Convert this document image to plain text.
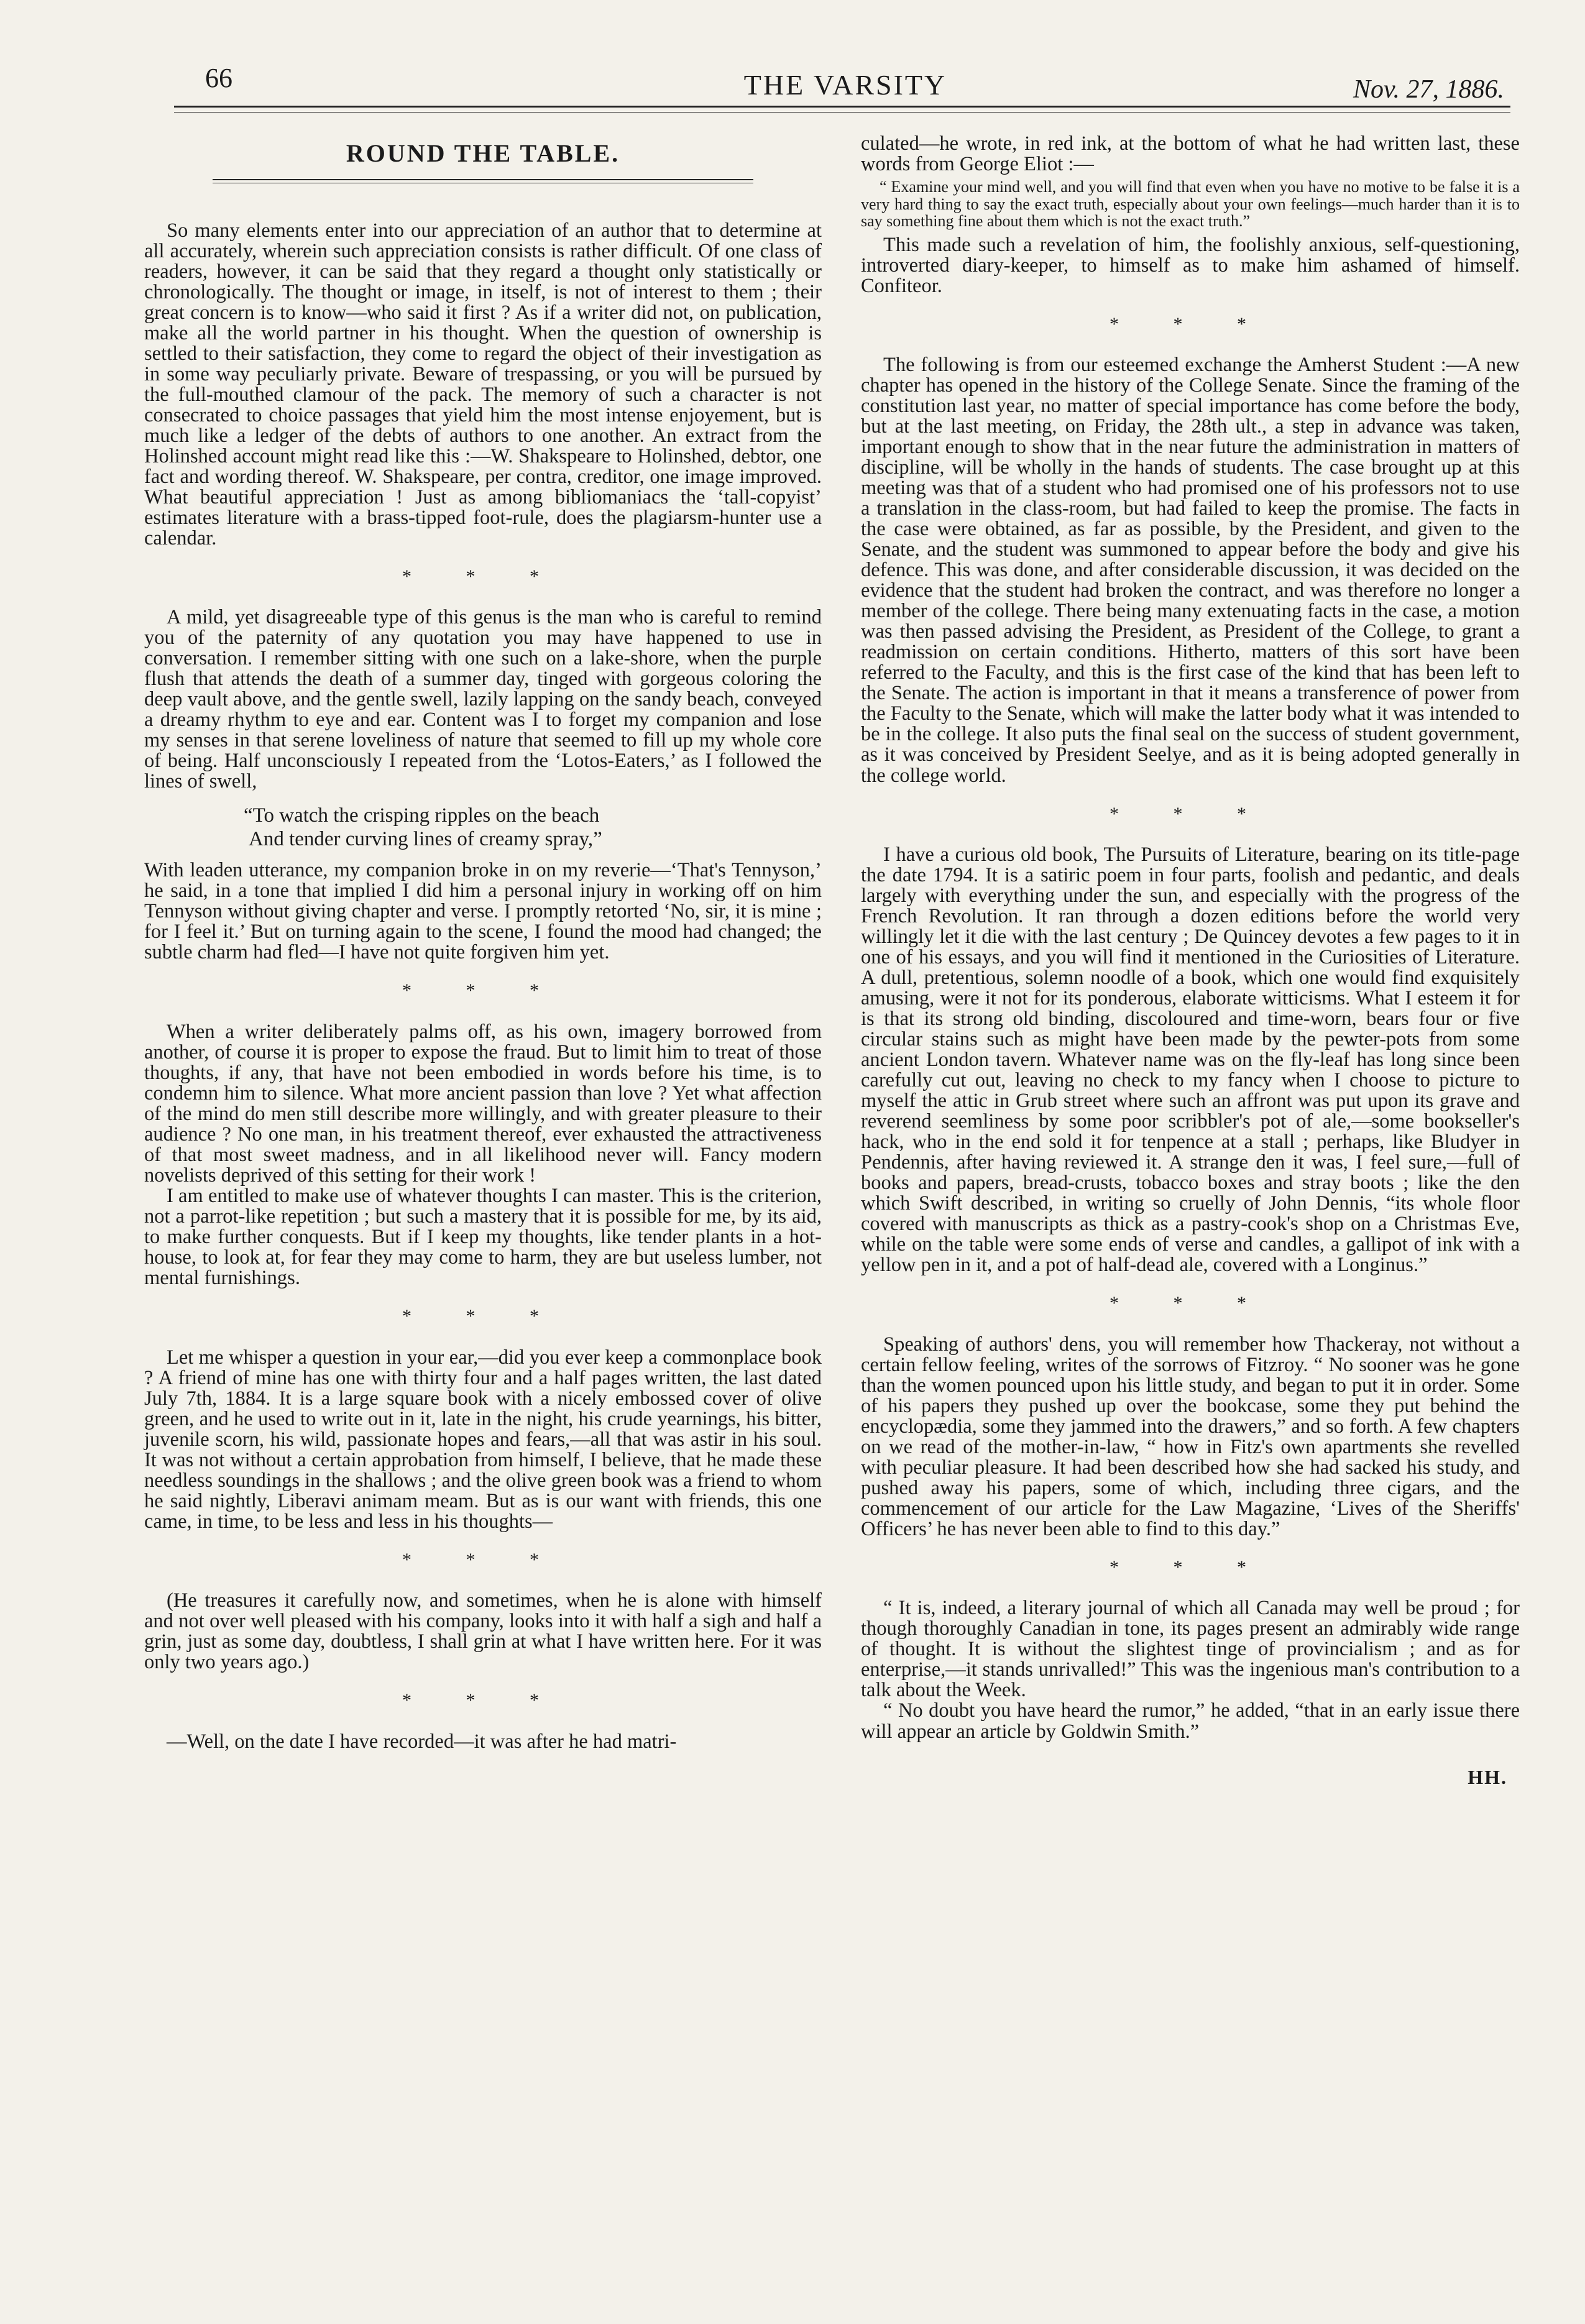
66	THE VARSITY	Nov. 27, 1886.
ROUND THE TABLE.

So many elements enter into our appreciation of an author that to determine at all accurately, wherein such appreciation consists is rather difficult. Of one class of readers, however, it can be said that they regard a thought only statistically or chronologically. The thought or image, in itself, is not of interest to them ; their great concern is to know—who said it first ? As if a writer did not, on publication, make all the world partner in his thought. When the question of ownership is settled to their satisfaction, they come to regard the object of their investigation as in some way peculiarly private. Beware of trespassing, or you will be pursued by the full-mouthed clamour of the pack. The memory of such a character is not consecrated to choice passages that yield him the most intense enjoyement, but is much like a ledger of the debts of authors to one another. An extract from the Holinshed account might read like this :—W. Shakspeare to Holinshed, debtor, one fact and wording thereof. W. Shakspeare, per contra, creditor, one image improved. What beautiful appreciation ! Just as among bibliomaniacs the ‘tall-copyist’ estimates literature with a brass-tipped foot-rule, does the plagiarsm-hunter use a calendar.

* * *

A mild, yet disagreeable type of this genus is the man who is careful to remind you of the paternity of any quotation you may have happened to use in conversation. I remember sitting with one such on a lake-shore, when the purple flush that attends the death of a summer day, tinged with gorgeous coloring the deep vault above, and the gentle swell, lazily lapping on the sandy beach, conveyed a dreamy rhythm to eye and ear. Content was I to forget my companion and lose my senses in that serene loveliness of nature that seemed to fill up my whole core of being. Half unconsciously I repeated from the ‘Lotos-Eaters,’ as I followed the lines of swell,

“To watch the crisping ripples on the beach
And tender curving lines of creamy spray,”

With leaden utterance, my companion broke in on my reverie—‘That's Tennyson,’ he said, in a tone that implied I did him a personal injury in working off on him Tennyson without giving chapter and verse. I promptly retorted ‘No, sir, it is mine ; for I feel it.’ But on turning again to the scene, I found the mood had changed; the subtle charm had fled—I have not quite forgiven him yet.

* * *

When a writer deliberately palms off, as his own, imagery borrowed from another, of course it is proper to expose the fraud. But to limit him to treat of those thoughts, if any, that have not been embodied in words before his time, is to condemn him to silence. What more ancient passion than love ? Yet what affection of the mind do men still describe more willingly, and with greater pleasure to their audience ? No one man, in his treatment thereof, ever exhausted the attractiveness of that most sweet madness, and in all likelihood never will. Fancy modern novelists deprived of this setting for their work !

I am entitled to make use of whatever thoughts I can master. This is the criterion, not a parrot-like repetition ; but such a mastery that it is possible for me, by its aid, to make further conquests. But if I keep my thoughts, like tender plants in a hot-house, to look at, for fear they may come to harm, they are but useless lumber, not mental furnishings.

* * *

Let me whisper a question in your ear,—did you ever keep a commonplace book ? A friend of mine has one with thirty four and a half pages written, the last dated July 7th, 1884. It is a large square book with a nicely embossed cover of olive green, and he used to write out in it, late in the night, his crude yearnings, his bitter, juvenile scorn, his wild, passionate hopes and fears,—all that was astir in his soul. It was not without a certain approbation from himself, I believe, that he made these needless soundings in the shallows ; and the olive green book was a friend to whom he said nightly, Liberavi animam meam. But as is our want with friends, this one came, in time, to be less and less in his thoughts—

* * *

(He treasures it carefully now, and sometimes, when he is alone with himself and not over well pleased with his company, looks into it with half a sigh and half a grin, just as some day, doubtless, I shall grin at what I have written here. For it was only two years ago.)

* * *

—Well, on the date I have recorded—it was after he had matri-

culated—he wrote, in red ink, at the bottom of what he had written last, these words from George Eliot :—

“ Examine your mind well, and you will find that even when you have no motive to be false it is a very hard thing to say the exact truth, especially about your own feelings—much harder than it is to say something fine about them which is not the exact truth.”

This made such a revelation of him, the foolishly anxious, self-questioning, introverted diary-keeper, to himself as to make him ashamed of himself. Confiteor.

* * *

The following is from our esteemed exchange the Amherst Student :—A new chapter has opened in the history of the College Senate. Since the framing of the constitution last year, no matter of special importance has come before the body, but at the last meeting, on Friday, the 28th ult., a step in advance was taken, important enough to show that in the near future the administration in matters of discipline, will be wholly in the hands of students. The case brought up at this meeting was that of a student who had promised one of his professors not to use a translation in the class-room, but had failed to keep the promise. The facts in the case were obtained, as far as possible, by the President, and given to the Senate, and the student was summoned to appear before the body and give his defence. This was done, and after considerable discussion, it was decided on the evidence that the student had broken the contract, and was therefore no longer a member of the college. There being many extenuating facts in the case, a motion was then passed advising the President, as President of the College, to grant a readmission on certain conditions. Hitherto, matters of this sort have been referred to the Faculty, and this is the first case of the kind that has been left to the Senate. The action is important in that it means a transference of power from the Faculty to the Senate, which will make the latter body what it was intended to be in the college. It also puts the final seal on the success of student government, as it was conceived by President Seelye, and as it is being adopted generally in the college world.

* * *

I have a curious old book, The Pursuits of Literature, bearing on its title-page the date 1794. It is a satiric poem in four parts, foolish and pedantic, and deals largely with everything under the sun, and especially with the progress of the French Revolution. It ran through a dozen editions before the world very willingly let it die with the last century ; De Quincey devotes a few pages to it in one of his essays, and you will find it mentioned in the Curiosities of Literature. A dull, pretentious, solemn noodle of a book, which one would find exquisitely amusing, were it not for its ponderous, elaborate witticisms. What I esteem it for is that its strong old binding, discoloured and time-worn, bears four or five circular stains such as might have been made by the pewter-pots from some ancient London tavern. Whatever name was on the fly-leaf has long since been carefully cut out, leaving no check to my fancy when I choose to picture to myself the attic in Grub street where such an affront was put upon its grave and reverend seemliness by some poor scribbler's pot of ale,—some bookseller's hack, who in the end sold it for tenpence at a stall ; perhaps, like Bludyer in Pendennis, after having reviewed it. A strange den it was, I feel sure,—full of books and papers, bread-crusts, tobacco boxes and stray boots ; like the den which Swift described, in writing so cruelly of John Dennis, “its whole floor covered with manuscripts as thick as a pastry-cook's shop on a Christmas Eve, while on the table were some ends of verse and candles, a gallipot of ink with a yellow pen in it, and a pot of half-dead ale, covered with a Longinus.”

* * *

Speaking of authors' dens, you will remember how Thackeray, not without a certain fellow feeling, writes of the sorrows of Fitzroy. “ No sooner was he gone than the women pounced upon his little study, and began to put it in order. Some of his papers they pushed up over the bookcase, some they put behind the encyclopædia, some they jammed into the drawers,” and so forth. A few chapters on we read of the mother-in-law, “ how in Fitz's own apartments she revelled with peculiar pleasure. It had been described how she had sacked his study, and pushed away his papers, some of which, including three cigars, and the commencement of our article for the Law Magazine, ‘Lives of the Sheriffs' Officers’ he has never been able to find to this day.”

* * *

“ It is, indeed, a literary journal of which all Canada may well be proud ; for though thoroughly Canadian in tone, its pages present an admirably wide range of thought. It is without the slightest tinge of provincialism ; and as for enterprise,—it stands unrivalled!” This was the ingenious man's contribution to a talk about the Week.

“ No doubt you have heard the rumor,” he added, “that in an early issue there will appear an article by Goldwin Smith.”

HH.
